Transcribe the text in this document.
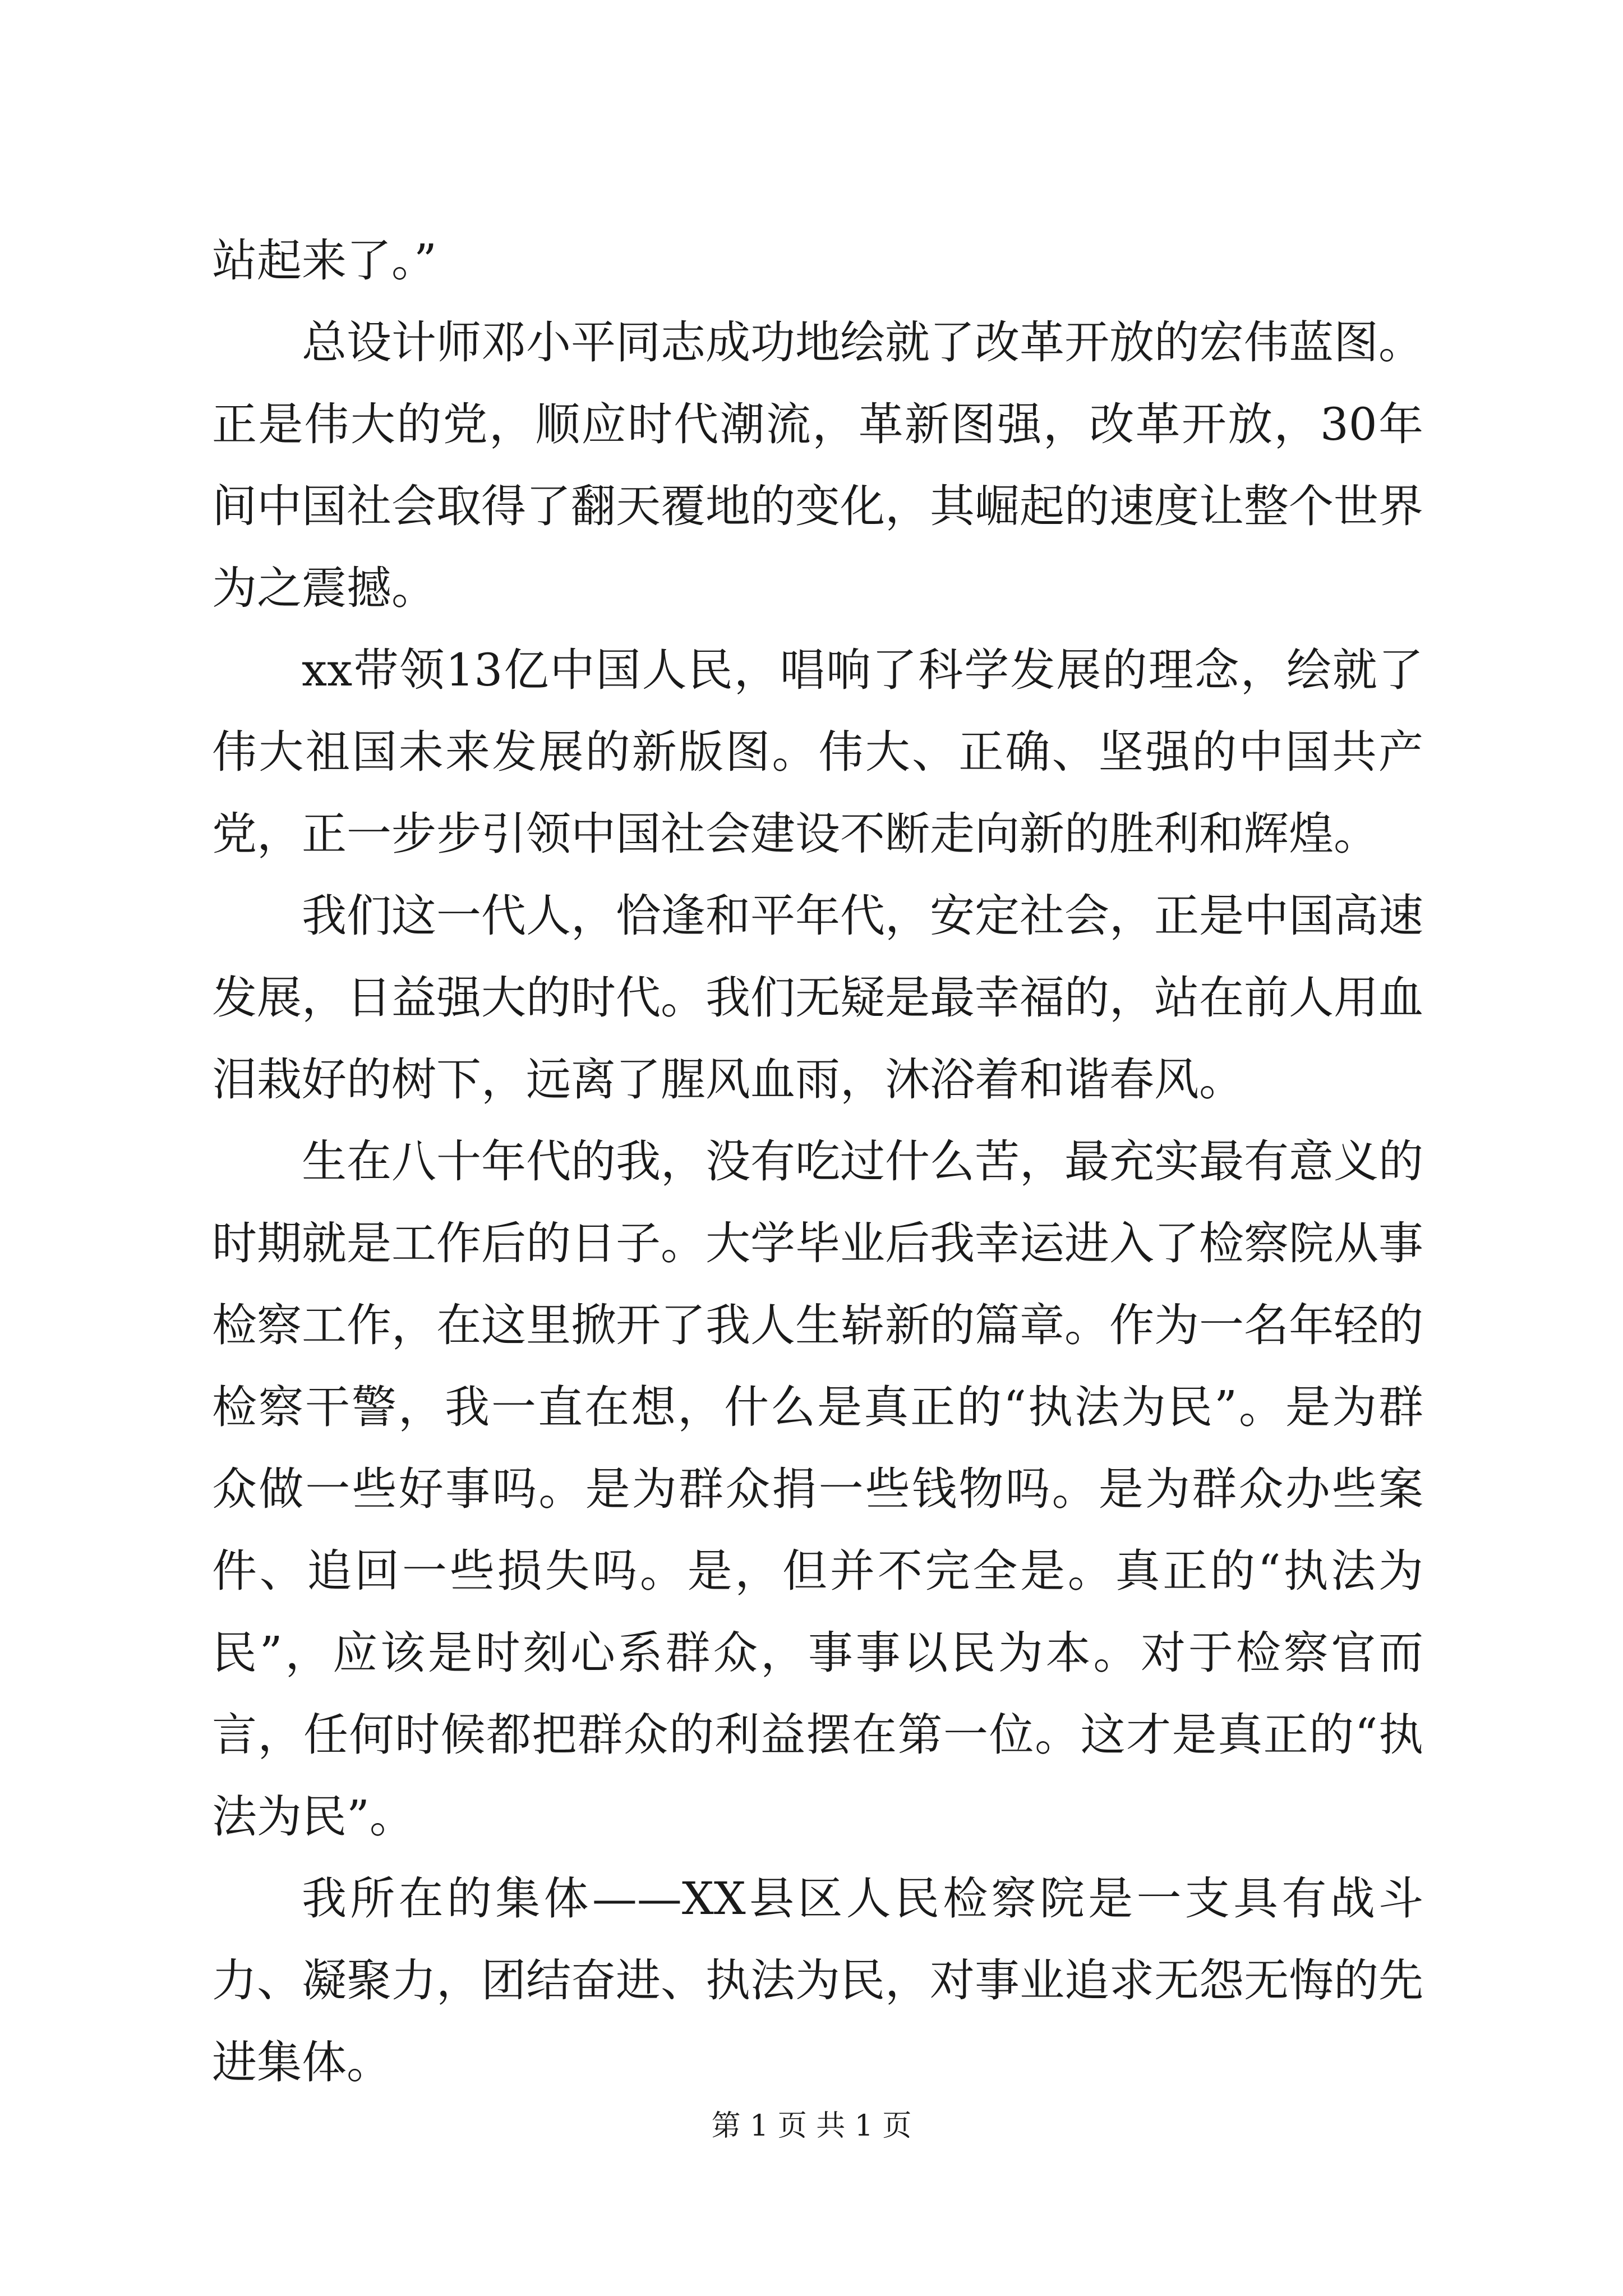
站起来了。”

总设计师邓小平同志成功地绘就了改革开放的宏伟蓝图。正是伟大的党，顺应时代潮流，革新图强，改革开放，30年间中国社会取得了翻天覆地的变化，其崛起的速度让整个世界为之震撼。

xx带领13亿中国人民，唱响了科学发展的理念，绘就了伟大祖国未来发展的新版图。伟大、正确、坚强的中国共产党，正一步步引领中国社会建设不断走向新的胜利和辉煌。

我们这一代人，恰逢和平年代，安定社会，正是中国高速发展，日益强大的时代。我们无疑是最幸福的，站在前人用血泪栽好的树下，远离了腥风血雨，沐浴着和谐春风。

生在八十年代的我，没有吃过什么苦，最充实最有意义的时期就是工作后的日子。大学毕业后我幸运进入了检察院从事检察工作，在这里掀开了我人生崭新的篇章。作为一名年轻的检察干警，我一直在想，什么是真正的“执法为民”。是为群众做一些好事吗。是为群众捐一些钱物吗。是为群众办些案件、追回一些损失吗。是，但并不完全是。真正的“执法为民”，应该是时刻心系群众，事事以民为本。对于检察官而言，任何时候都把群众的利益摆在第一位。这才是真正的“执法为民”。

我所在的集体——XX县区人民检察院是一支具有战斗力、凝聚力，团结奋进、执法为民，对事业追求无怨无悔的先进集体。

第 1 页 共 1 页
